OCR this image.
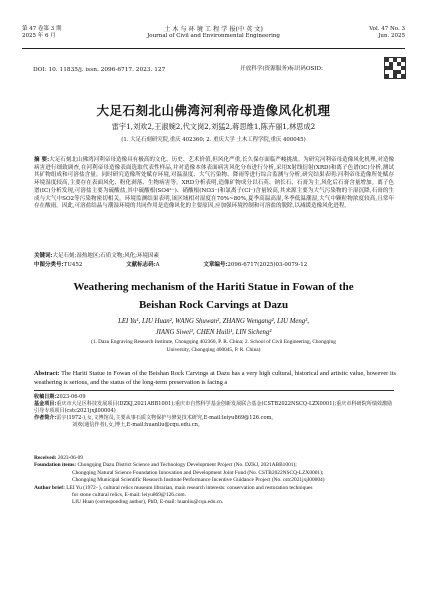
第 47 卷第 3 期
2025 年 6 月
土 木 与 环 境 工 程 学 报(中 英 文)
Journal of Civil and Environmental Engineering
Vol. 47 No. 3
Jun. 2025
DOI: 10. 11835/j. issn. 2096-6717. 2023. 127	开放科学(资源服务)标识码OSID:
大足石刻北山佛湾河利帝母造像风化机理
雷宇1,刘欢2,王淑婉2,代文岗2,刘猛2,蒋思维1,陈卉丽1,林思成2
(1. 大足石刻研究院,重庆 402360; 2. 重庆大学 土木工程学院,重庆 400045)
摘 要:大足石刻北山佛湾河利帝母造像具有极高的文化、历史、艺术价值,但风化严重,长久保存面临严峻挑战。为研究河利帝母造像风化机理,对造像病害进行细致调查,在河利帝母造像表面选取代表性样品,并对造像本体表面病害风化分布进行分析,采用X射线衍射(XRD)和离子色谱(IC)分析,测试其矿物组成和可溶盐含量。同时研究造像所处赋存环境,对温湿度、大气污染物、降雨等进行综合监测与分析,研究结果表明:河利帝母造像所处赋存环境湿度较高,主要存在表面风化、粉化剥落、生物病害等。XRD分析表明,造像矿物成分以石英、钠长石、石膏为主,风化后石膏含量增加。离子色谱(IC)分析发现,可溶盐主要为硫酸盐,其中硫酸根(SO4²⁻)、硝酸根(NO3⁻)和氯离子(Cl⁻)含量较高,其来源主要为大气污染物的干湿沉降,石膏的生成与大气中SO2等污染物密切相关。环境监测结果表明,该区域相对湿度在70%~80%,夏季高温高湿,冬季低温潮湿,大气中颗粒物浓度较高,且常年存在酸雨。因此,可溶盐结晶与潮湿环境的共同作用是造像风化的主要原因,应加强环境控制和可溶盐的脱除,以减缓造像风化进程。
关键词:大足石刻;湿热地区;石质文物;风化;环境因素
中图分类号:TU452	文献标志码:A	文章编号:2096-6717(2025)03-0079-12
Weathering mechanism of the Hariti Statue in Fowan of the
Beishan Rock Carvings at Dazu
LEI Yu¹, LIU Huan², WANG Shuwan², ZHANG Wengang², LIU Meng²,
JIANG Siwei¹, CHEN Huili¹, LIN Sicheng²
(1. Dazu Engraving Research Institute, Chongqing 402360, P. R. China; 2. School of Civil Engineering, Chongqing
University, Chongqing 400045, P. R. China)
Abstract: The Hariti Statue in Fowan of the Beishan Rock Carvings at Dazu has a very high cultural, historical and artistic value, however its weathering is serious, and the status of the long-term preservation is facing a
收稿日期:2023-06-09
基金项目:重庆市大足区科技发展项目(DZKJ,2021ABB1001);重庆市自然科学基金创新发展联合基金(CSTB2022NSCQ-LZX0001);重庆市科研院所绩效激励引导专项项目(cstc2021jxjl00004)
作者简介:雷宇(1972-),女,文博馆员,主要从事石质文物保护与修复技术研究,E-mail:leiyu869@126.com。
刘欢(通信作者),女,博士,E-mail:huanliu@cqu.edu.cn。
Received: 2023-06-09
Foundation items: Chongqing Dazu District Science and Technology Development Project (No. DZKJ, 2021ABB1001);
Chongqing Natural Science Foundation Innovation and Development Joint Fund (No. CSTB2022NSCQ-LZX0001);
Chongqing Municipal Scientific Research Institute Performance Incentive Guidance Project (No. cstc2021jxjl00004)
Author brief: LEI Yu (1972- ), cultural relics museum librarian, main research interests: conservation and restoration techniques
for stone cultural relics, E-mail: leiyu869@126.com.
LIU Huan (corresponding author), PhD, E-mail: huanliu@cqu.edu.cn.
